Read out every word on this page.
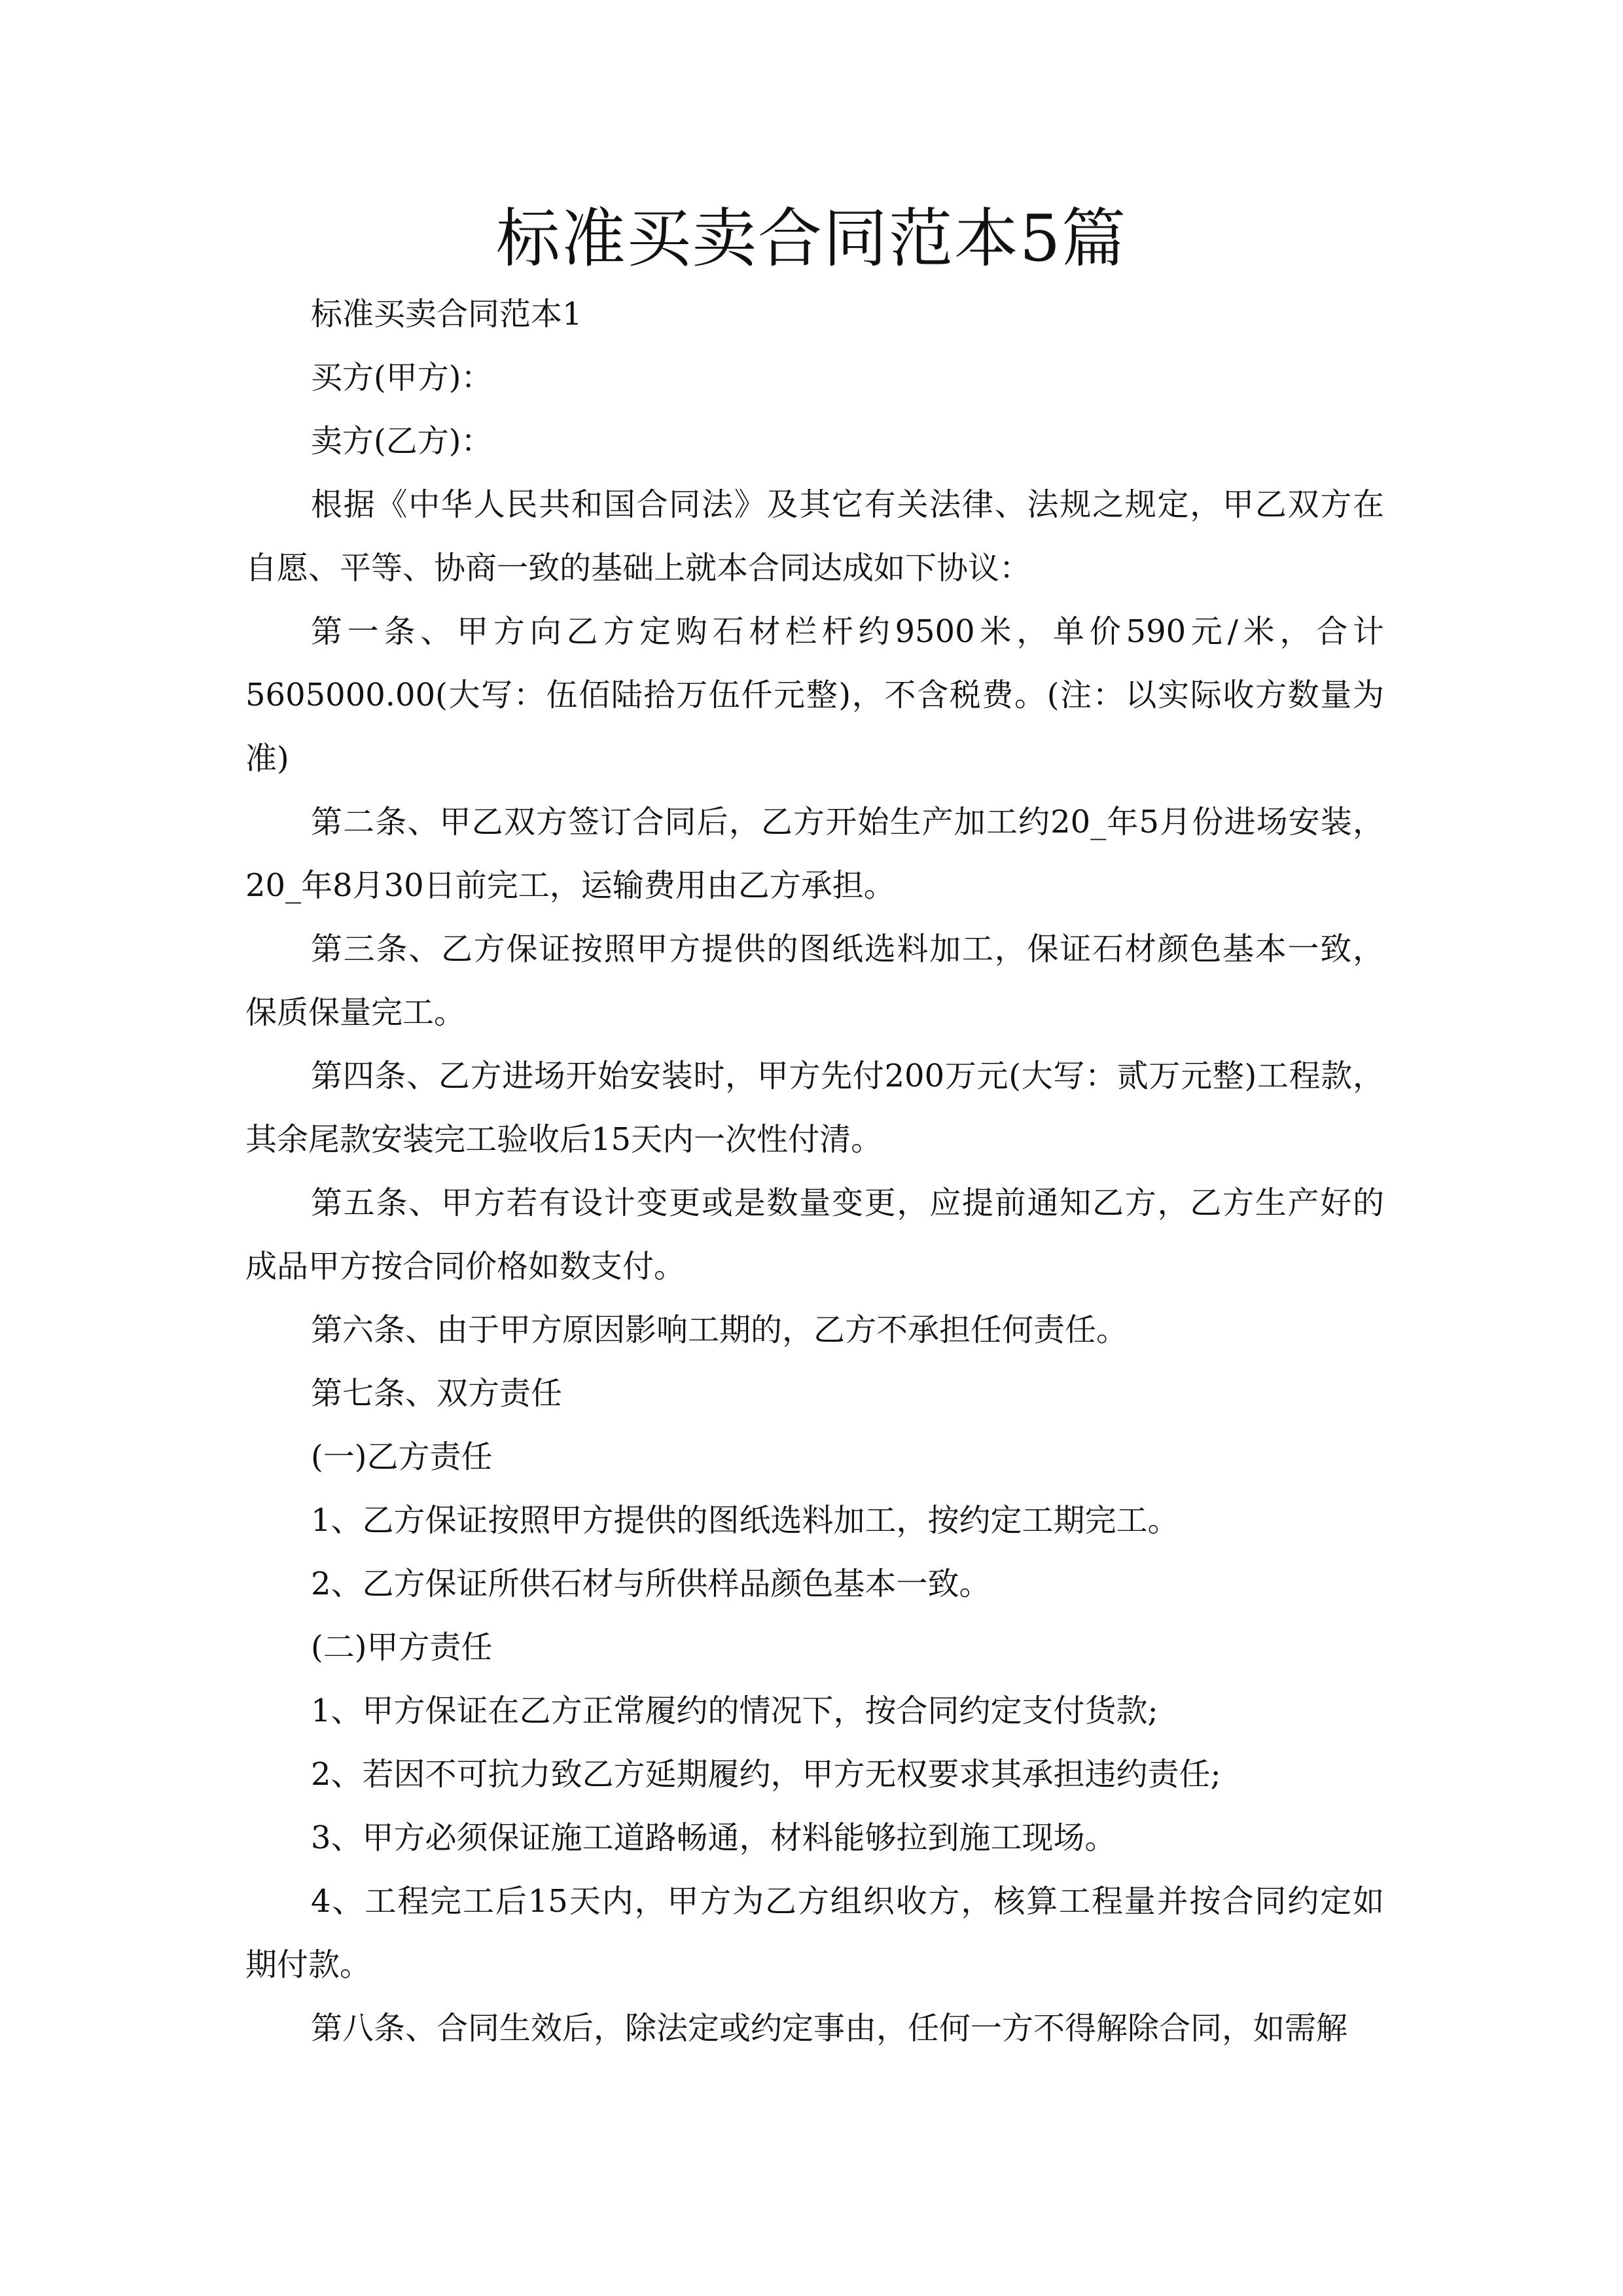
标准买卖合同范本5篇
标准买卖合同范本1
买方(甲方)：
卖方(乙方)：
根据《中华人民共和国合同法》及其它有关法律、法规之规定，甲乙双方在
自愿、平等、协商一致的基础上就本合同达成如下协议：
第一条、甲方向乙方定购石材栏杆约9500米，单价590元/米，合计
5605000.00(大写：伍佰陆拾万伍仟元整)，不含税费。(注：以实际收方数量为
准)
第二条、甲乙双方签订合同后，乙方开始生产加工约20_年5月份进场安装，
20_年8月30日前完工，运输费用由乙方承担。
第三条、乙方保证按照甲方提供的图纸选料加工，保证石材颜色基本一致，
保质保量完工。
第四条、乙方进场开始安装时，甲方先付200万元(大写：贰万元整)工程款，
其余尾款安装完工验收后15天内一次性付清。
第五条、甲方若有设计变更或是数量变更，应提前通知乙方，乙方生产好的
成品甲方按合同价格如数支付。
第六条、由于甲方原因影响工期的，乙方不承担任何责任。
第七条、双方责任
(一)乙方责任
1、乙方保证按照甲方提供的图纸选料加工，按约定工期完工。
2、乙方保证所供石材与所供样品颜色基本一致。
(二)甲方责任
1、甲方保证在乙方正常履约的情况下，按合同约定支付货款;
2、若因不可抗力致乙方延期履约，甲方无权要求其承担违约责任;
3、甲方必须保证施工道路畅通，材料能够拉到施工现场。
4、工程完工后15天内，甲方为乙方组织收方，核算工程量并按合同约定如
期付款。
第八条、合同生效后，除法定或约定事由，任何一方不得解除合同，如需解
